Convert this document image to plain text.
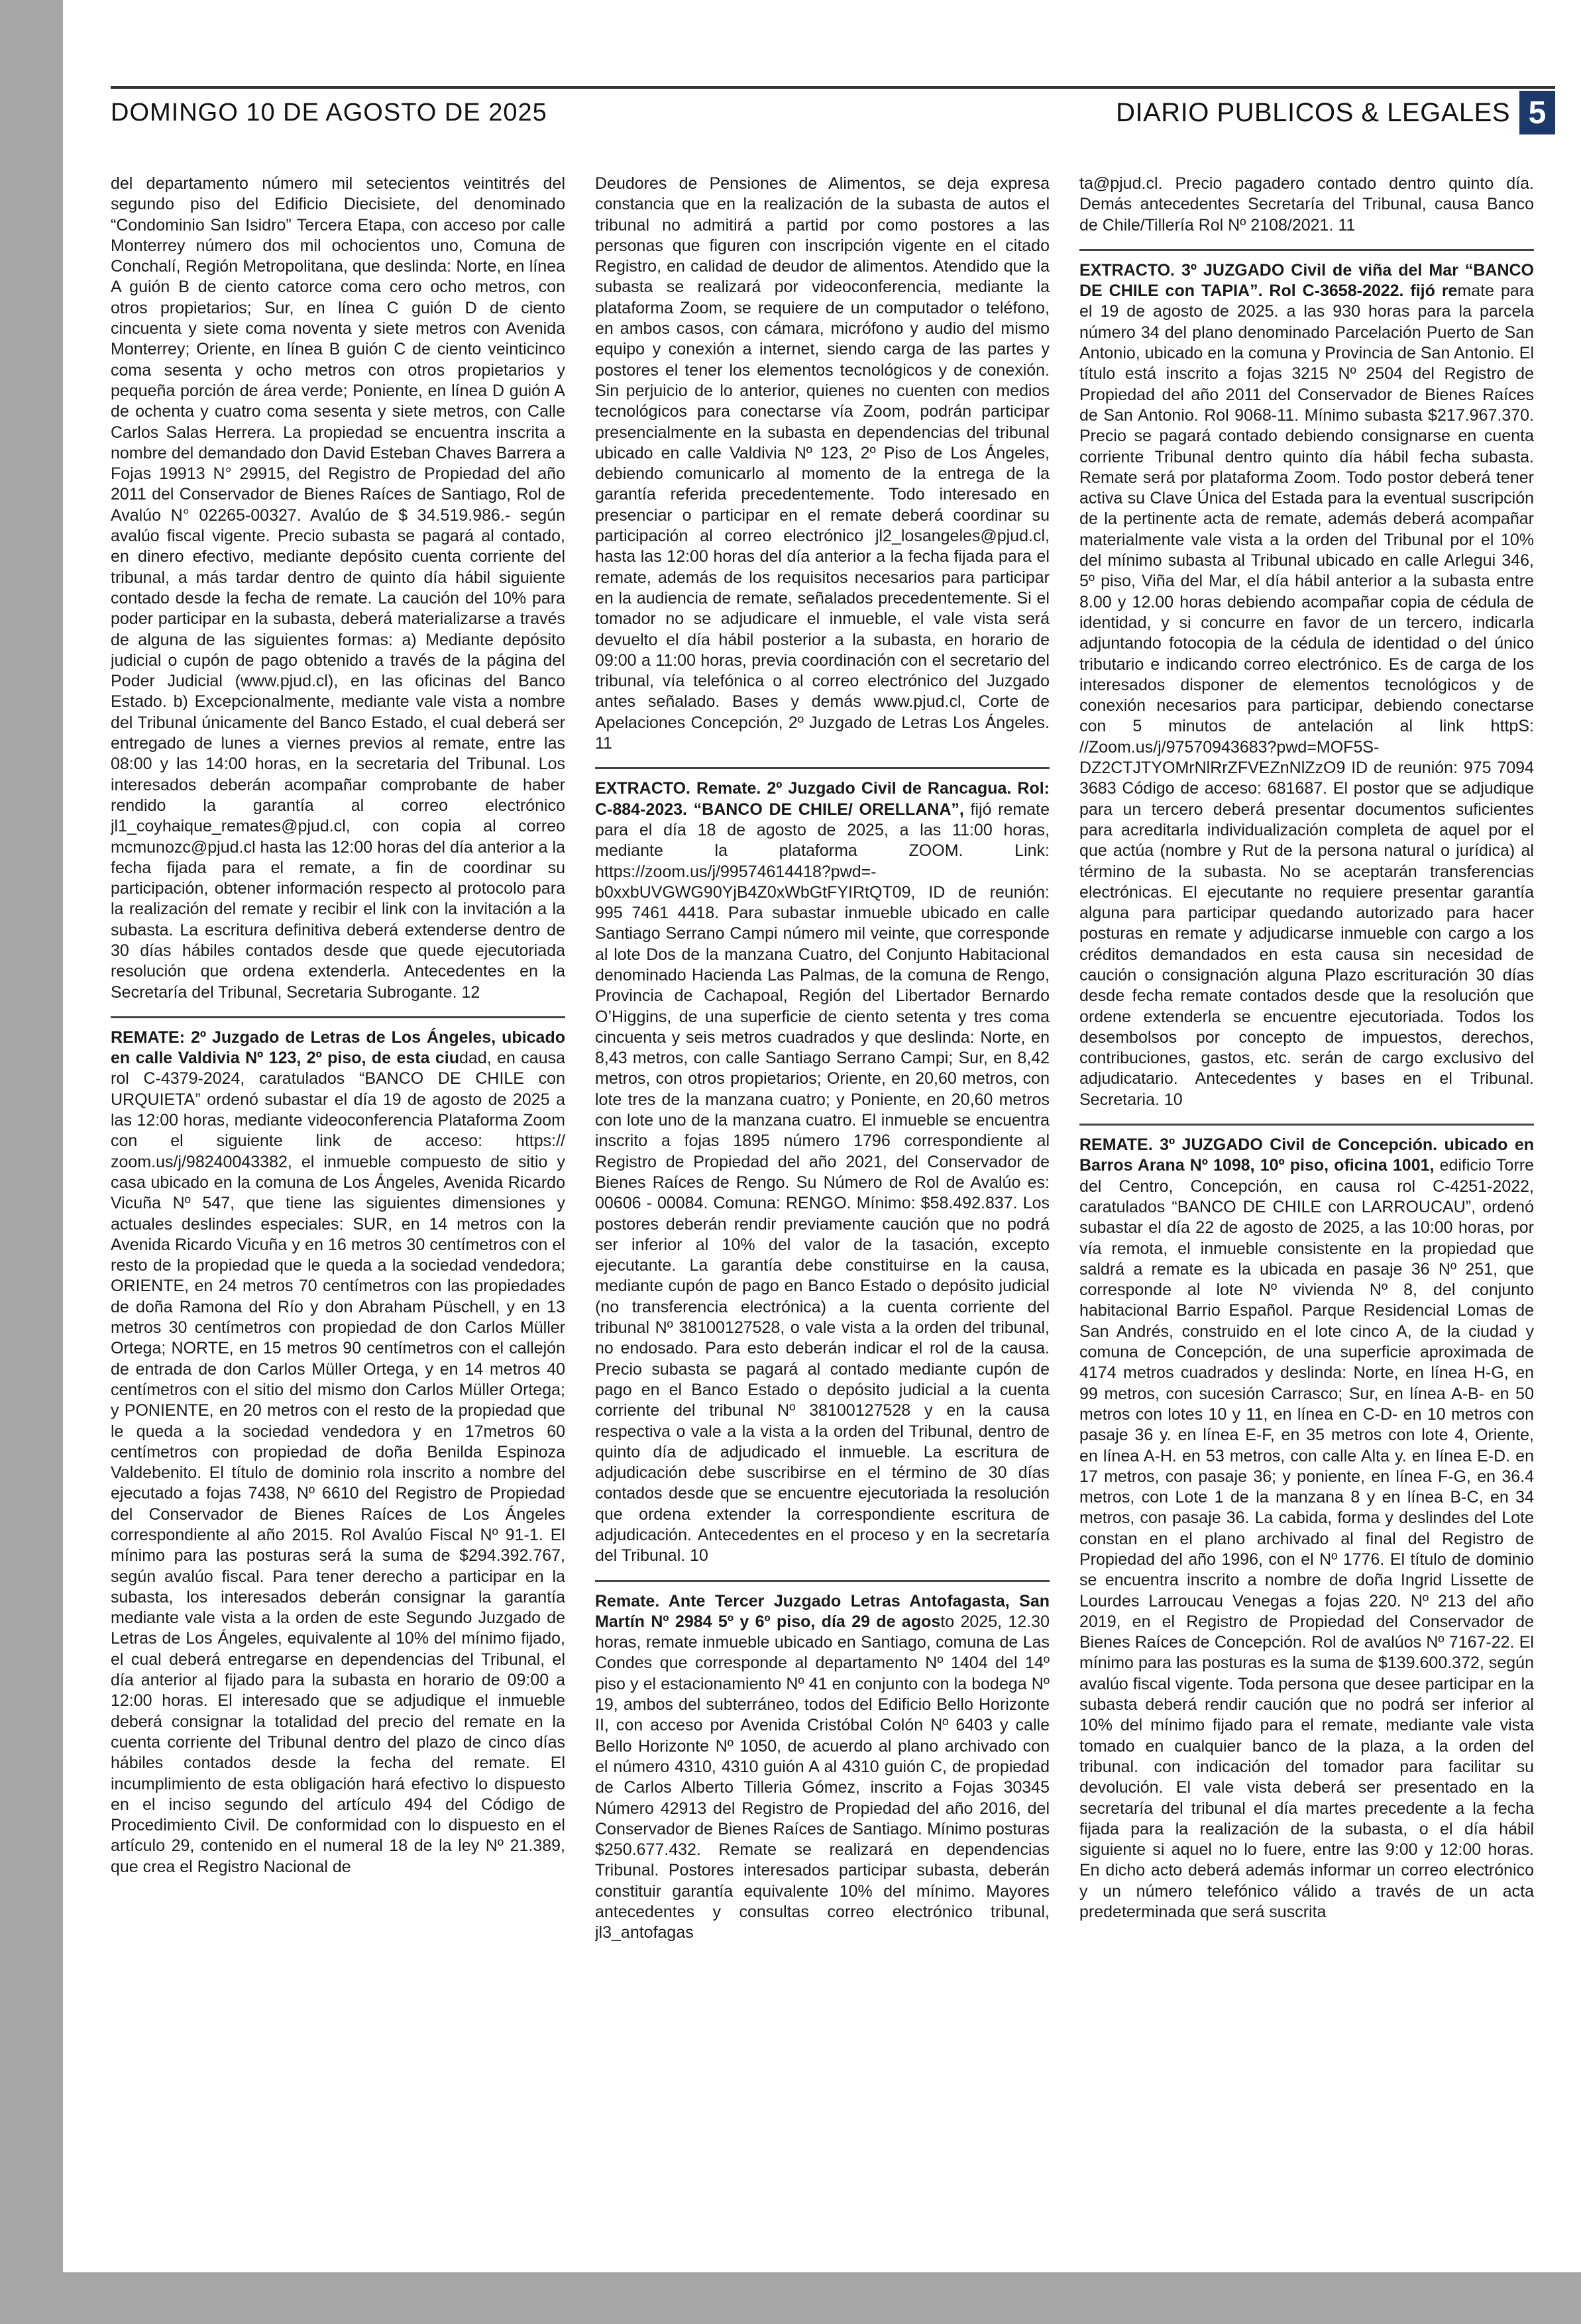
DOMINGO 10 DE AGOSTO DE 2025	DIARIO PUBLICOS & LEGALES 5

del departamento número mil setecientos veintitrés del segundo piso del Edificio Diecisiete, del denominado “Condominio San Isidro” Tercera Etapa, con acceso por calle Monterrey número dos mil ochocientos uno, Comuna de Conchalí, Región Metropolitana, que deslinda: Norte, en línea A guión B de ciento catorce coma cero ocho metros, con otros propietarios; Sur, en línea C guión D de ciento cincuenta y siete coma noventa y siete metros con Avenida Monterrey; Oriente, en línea B guión C de ciento veinticinco coma sesenta y ocho metros con otros propietarios y pequeña porción de área verde; Poniente, en línea D guión A de ochenta y cuatro coma sesenta y siete metros, con Calle Carlos Salas Herrera. La propiedad se encuentra inscrita a nombre del demandado don David Esteban Chaves Barrera a Fojas 19913 N° 29915, del Registro de Propiedad del año 2011 del Conservador de Bienes Raíces de Santiago, Rol de Avalúo N° 02265-00327. Avalúo de $ 34.519.986.- según avalúo fiscal vigente. Precio subasta se pagará al contado, en dinero efectivo, mediante depósito cuenta corriente del tribunal, a más tardar dentro de quinto día hábil siguiente contado desde la fecha de remate. La caución del 10% para poder participar en la subasta, deberá materializarse a través de alguna de las siguientes formas: a) Mediante depósito judicial o cupón de pago obtenido a través de la página del Poder Judicial (www.pjud.cl), en las oficinas del Banco Estado. b) Excepcionalmente, mediante vale vista a nombre del Tribunal únicamente del Banco Estado, el cual deberá ser entregado de lunes a viernes previos al remate, entre las 08:00 y las 14:00 horas, en la secretaria del Tribunal. Los interesados deberán acompañar comprobante de haber rendido la garantía al correo electrónico jl1_coyhaique_remates@pjud.cl, con copia al correo mcmunozc@pjud.cl hasta las 12:00 horas del día anterior a la fecha fijada para el remate, a fin de coordinar su participación, obtener información respecto al protocolo para la realización del remate y recibir el link con la invitación a la subasta. La escritura definitiva deberá extenderse dentro de 30 días hábiles contados desde que quede ejecutoriada resolución que ordena extenderla. Antecedentes en la Secretaría del Tribunal, Secretaria Subrogante. 12

REMATE: 2º Juzgado de Letras de Los Ángeles, ubicado en calle Valdivia Nº 123, 2º piso, de esta ciudad, en causa rol C-4379-2024, caratulados “BANCO DE CHILE con URQUIETA” ordenó subastar el día 19 de agosto de 2025 a las 12:00 horas, mediante videoconferencia Plataforma Zoom con el siguiente link de acceso: https:// zoom.us/j/98240043382, el inmueble compuesto de sitio y casa ubicado en la comuna de Los Ángeles, Avenida Ricardo Vicuña Nº 547, que tiene las siguientes dimensiones y actuales deslindes especiales: SUR, en 14 metros con la Avenida Ricardo Vicuña y en 16 metros 30 centímetros con el resto de la propiedad que le queda a la sociedad vendedora; ORIENTE, en 24 metros 70 centímetros con las propiedades de doña Ramona del Río y don Abraham Püschell, y en 13 metros 30 centímetros con propiedad de don Carlos Müller Ortega; NORTE, en 15 metros 90 centímetros con el callejón de entrada de don Carlos Müller Ortega, y en 14 metros 40 centímetros con el sitio del mismo don Carlos Müller Ortega; y PONIENTE, en 20 metros con el resto de la propiedad que le queda a la sociedad vendedora y en 17metros 60 centímetros con propiedad de doña Benilda Espinoza Valdebenito. El título de dominio rola inscrito a nombre del ejecutado a fojas 7438, Nº 6610 del Registro de Propiedad del Conservador de Bienes Raíces de Los Ángeles correspondiente al año 2015. Rol Avalúo Fiscal Nº 91-1. El mínimo para las posturas será la suma de $294.392.767, según avalúo fiscal. Para tener derecho a participar en la subasta, los interesados deberán consignar la garantía mediante vale vista a la orden de este Segundo Juzgado de Letras de Los Ángeles, equivalente al 10% del mínimo fijado, el cual deberá entregarse en dependencias del Tribunal, el día anterior al fijado para la subasta en horario de 09:00 a 12:00 horas. El interesado que se adjudique el inmueble deberá consignar la totalidad del precio del remate en la cuenta corriente del Tribunal dentro del plazo de cinco días hábiles contados desde la fecha del remate. El incumplimiento de esta obligación hará efectivo lo dispuesto en el inciso segundo del artículo 494 del Código de Procedimiento Civil. De conformidad con lo dispuesto en el artículo 29, contenido en el numeral 18 de la ley Nº 21.389, que crea el Registro Nacional de

Deudores de Pensiones de Alimentos, se deja expresa constancia que en la realización de la subasta de autos el tribunal no admitirá a partid por como postores a las personas que figuren con inscripción vigente en el citado Registro, en calidad de deudor de alimentos. Atendido que la subasta se realizará por videoconferencia, mediante la plataforma Zoom, se requiere de un computador o teléfono, en ambos casos, con cámara, micrófono y audio del mismo equipo y conexión a internet, siendo carga de las partes y postores el tener los elementos tecnológicos y de conexión. Sin perjuicio de lo anterior, quienes no cuenten con medios tecnológicos para conectarse vía Zoom, podrán participar presencialmente en la subasta en dependencias del tribunal ubicado en calle Valdivia Nº 123, 2º Piso de Los Ángeles, debiendo comunicarlo al momento de la entrega de la garantía referida precedentemente. Todo interesado en presenciar o participar en el remate deberá coordinar su participación al correo electrónico jl2_losangeles@pjud.cl, hasta las 12:00 horas del día anterior a la fecha fijada para el remate, además de los requisitos necesarios para participar en la audiencia de remate, señalados precedentemente. Si el tomador no se adjudicare el inmueble, el vale vista será devuelto el día hábil posterior a la subasta, en horario de 09:00 a 11:00 horas, previa coordinación con el secretario del tribunal, vía telefónica o al correo electrónico del Juzgado antes señalado. Bases y demás www.pjud.cl, Corte de Apelaciones Concepción, 2º Juzgado de Letras Los Ángeles. 11

EXTRACTO. Remate. 2º Juzgado Civil de Rancagua. Rol: C-884-2023. “BANCO DE CHILE/ ORELLANA”, fijó remate para el día 18 de agosto de 2025, a las 11:00 horas, mediante la plataforma ZOOM. Link: https://zoom.us/j/99574614418?pwd=-b0xxbUVGWG90YjB4Z0xWbGtFYIRtQT09, ID de reunión: 995 7461 4418. Para subastar inmueble ubicado en calle Santiago Serrano Campi número mil veinte, que corresponde al lote Dos de la manzana Cuatro, del Conjunto Habitacional denominado Hacienda Las Palmas, de la comuna de Rengo, Provincia de Cachapoal, Región del Libertador Bernardo O’Higgins, de una superficie de ciento setenta y tres coma cincuenta y seis metros cuadrados y que deslinda: Norte, en 8,43 metros, con calle Santiago Serrano Campi; Sur, en 8,42 metros, con otros propietarios; Oriente, en 20,60 metros, con lote tres de la manzana cuatro; y Poniente, en 20,60 metros con lote uno de la manzana cuatro. El inmueble se encuentra inscrito a fojas 1895 número 1796 correspondiente al Registro de Propiedad del año 2021, del Conservador de Bienes Raíces de Rengo. Su Número de Rol de Avalúo es: 00606 - 00084. Comuna: RENGO. Mínimo: $58.492.837. Los postores deberán rendir previamente caución que no podrá ser inferior al 10% del valor de la tasación, excepto ejecutante. La garantía debe constituirse en la causa, mediante cupón de pago en Banco Estado o depósito judicial (no transferencia electrónica) a la cuenta corriente del tribunal Nº 38100127528, o vale vista a la orden del tribunal, no endosado. Para esto deberán indicar el rol de la causa. Precio subasta se pagará al contado mediante cupón de pago en el Banco Estado o depósito judicial a la cuenta corriente del tribunal Nº 38100127528 y en la causa respectiva o vale a la vista a la orden del Tribunal, dentro de quinto día de adjudicado el inmueble. La escritura de adjudicación debe suscribirse en el término de 30 días contados desde que se encuentre ejecutoriada la resolución que ordena extender la correspondiente escritura de adjudicación. Antecedentes en el proceso y en la secretaría del Tribunal. 10

Remate. Ante Tercer Juzgado Letras Antofagasta, San Martín Nº 2984 5º y 6º piso, día 29 de agosto 2025, 12.30 horas, remate inmueble ubicado en Santiago, comuna de Las Condes que corresponde al departamento Nº 1404 del 14º piso y el estacionamiento Nº 41 en conjunto con la bodega Nº 19, ambos del subterráneo, todos del Edificio Bello Horizonte II, con acceso por Avenida Cristóbal Colón Nº 6403 y calle Bello Horizonte Nº 1050, de acuerdo al plano archivado con el número 4310, 4310 guión A al 4310 guión C, de propiedad de Carlos Alberto Tilleria Gómez, inscrito a Fojas 30345 Número 42913 del Registro de Propiedad del año 2016, del Conservador de Bienes Raíces de Santiago. Mínimo posturas $250.677.432. Remate se realizará en dependencias Tribunal. Postores interesados participar subasta, deberán constituir garantía equivalente 10% del mínimo. Mayores antecedentes y consultas correo electrónico tribunal, jl3_antofagas

ta@pjud.cl. Precio pagadero contado dentro quinto día. Demás antecedentes Secretaría del Tribunal, causa Banco de Chile/Tillería Rol Nº 2108/2021. 11

EXTRACTO. 3º JUZGADO Civil de viña del Mar “BANCO DE CHILE con TAPIA”. Rol C-3658-2022. fijó remate para el 19 de agosto de 2025. a las 930 horas para la parcela número 34 del plano denominado Parcelación Puerto de San Antonio, ubicado en la comuna y Provincia de San Antonio. El título está inscrito a fojas 3215 Nº 2504 del Registro de Propiedad del año 2011 del Conservador de Bienes Raíces de San Antonio. Rol 9068-11. Mínimo subasta $217.967.370. Precio se pagará contado debiendo consignarse en cuenta corriente Tribunal dentro quinto día hábil fecha subasta. Remate será por plataforma Zoom. Todo postor deberá tener activa su Clave Única del Estada para la eventual suscripción de la pertinente acta de remate, además deberá acompañar materialmente vale vista a la orden del Tribunal por el 10% del mínimo subasta al Tribunal ubicado en calle Arlegui 346, 5º piso, Viña del Mar, el día hábil anterior a la subasta entre 8.00 y 12.00 horas debiendo acompañar copia de cédula de identidad, y si concurre en favor de un tercero, indicarla adjuntando fotocopia de la cédula de identidad o del único tributario e indicando correo electrónico. Es de carga de los interesados disponer de elementos tecnológicos y de conexión necesarios para participar, debiendo conectarse con 5 minutos de antelación al link httpS: //Zoom.us/j/97570943683?pwd=MOF5S-DZ2CTJTYOMrNlRrZFVEZnNlZzO9 ID de reunión: 975 7094 3683 Código de acceso: 681687. El postor que se adjudique para un tercero deberá presentar documentos suficientes para acreditarla individualización completa de aquel por el que actúa (nombre y Rut de la persona natural o jurídica) al término de la subasta. No se aceptarán transferencias electrónicas. El ejecutante no requiere presentar garantía alguna para participar quedando autorizado para hacer posturas en remate y adjudicarse inmueble con cargo a los créditos demandados en esta causa sin necesidad de caución o consignación alguna Plazo escrituración 30 días desde fecha remate contados desde que la resolución que ordene extenderla se encuentre ejecutoriada. Todos los desembolsos por concepto de impuestos, derechos, contribuciones, gastos, etc. serán de cargo exclusivo del adjudicatario. Antecedentes y bases en el Tribunal. Secretaria. 10

REMATE. 3º JUZGADO Civil de Concepción. ubicado en Barros Arana Nº 1098, 10º piso, oficina 1001, edificio Torre del Centro, Concepción, en causa rol C-4251-2022, caratulados “BANCO DE CHILE con LARROUCAU”, ordenó subastar el día 22 de agosto de 2025, a las 10:00 horas, por vía remota, el inmueble consistente en la propiedad que saldrá a remate es la ubicada en pasaje 36 Nº 251, que corresponde al lote Nº vivienda Nº 8, del conjunto habitacional Barrio Español. Parque Residencial Lomas de San Andrés, construido en el lote cinco A, de la ciudad y comuna de Concepción, de una superficie aproximada de 4174 metros cuadrados y deslinda: Norte, en línea H-G, en 99 metros, con sucesión Carrasco; Sur, en línea A-B- en 50 metros con lotes 10 y 11, en línea en C-D- en 10 metros con pasaje 36 y. en línea E-F, en 35 metros con lote 4, Oriente, en línea A-H. en 53 metros, con calle Alta y. en línea E-D. en 17 metros, con pasaje 36; y poniente, en línea F-G, en 36.4 metros, con Lote 1 de la manzana 8 y en línea B-C, en 34 metros, con pasaje 36. La cabida, forma y deslindes del Lote constan en el plano archivado al final del Registro de Propiedad del año 1996, con el Nº 1776. El título de dominio se encuentra inscrito a nombre de doña Ingrid Lissette de Lourdes Larroucau Venegas a fojas 220. Nº 213 del año 2019, en el Registro de Propiedad del Conservador de Bienes Raíces de Concepción. Rol de avalúos Nº 7167-22. El mínimo para las posturas es la suma de $139.600.372, según avalúo fiscal vigente. Toda persona que desee participar en la subasta deberá rendir caución que no podrá ser inferior al 10% del mínimo fijado para el remate, mediante vale vista tomado en cualquier banco de la plaza, a la orden del tribunal. con indicación del tomador para facilitar su devolución. El vale vista deberá ser presentado en la secretaría del tribunal el día martes precedente a la fecha fijada para la realización de la subasta, o el día hábil siguiente si aquel no lo fuere, entre las 9:00 y 12:00 horas. En dicho acto deberá además informar un correo electrónico y un número telefónico válido a través de un acta predeterminada que será suscrita
